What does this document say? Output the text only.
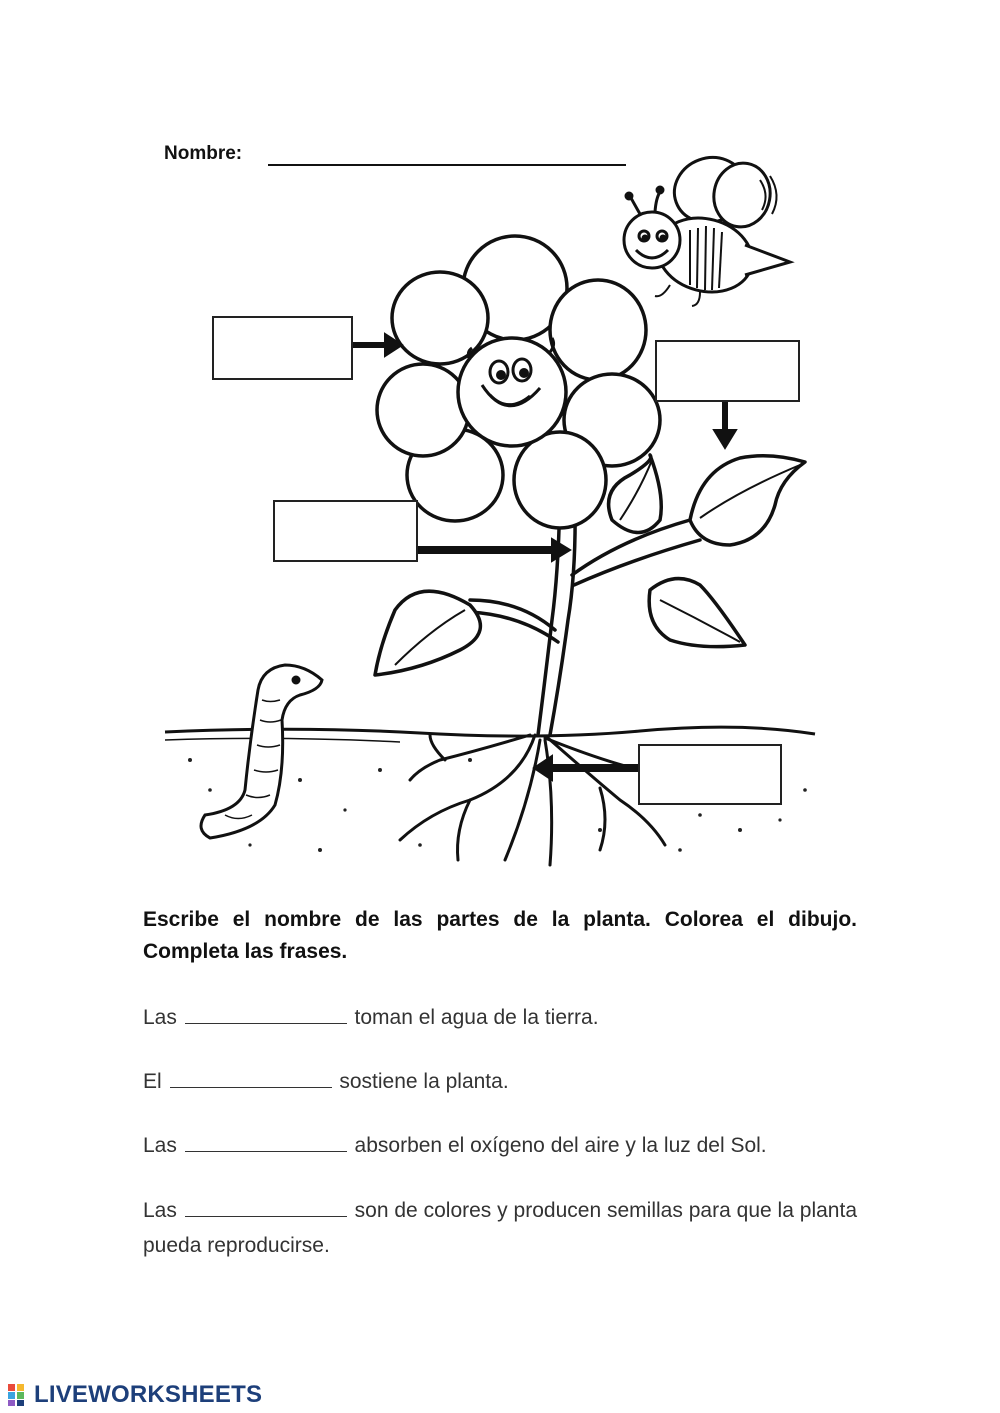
Nombre:
Escribe el nombre de las partes de la planta. Colorea el dibujo. Completa las frases.
Las	toman el agua de la tierra.
El	sostiene la planta.
Las	absorben el oxígeno del aire y la luz del Sol.
Las	son de colores y producen semillas para que la planta pueda reproducirse.
LIVEWORKSHEETS
